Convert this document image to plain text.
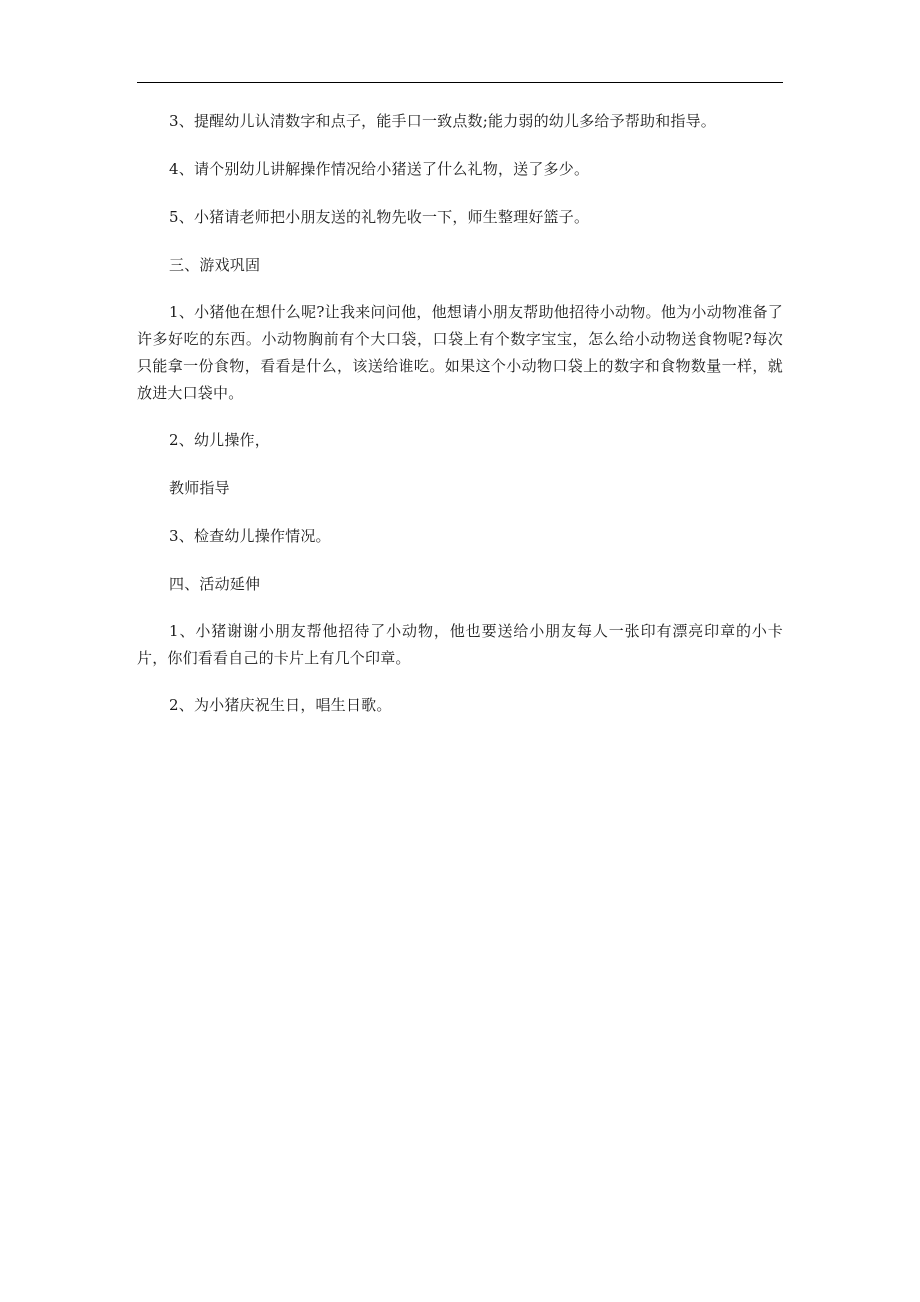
3、提醒幼儿认清数字和点子，能手口一致点数;能力弱的幼儿多给予帮助和指导。

4、请个别幼儿讲解操作情况给小猪送了什么礼物，送了多少。

5、小猪请老师把小朋友送的礼物先收一下，师生整理好篮子。

三、游戏巩固

1、小猪他在想什么呢?让我来问问他，他想请小朋友帮助他招待小动物。他为小动物准备了许多好吃的东西。小动物胸前有个大口袋，口袋上有个数字宝宝，怎么给小动物送食物呢?每次只能拿一份食物，看看是什么，该送给谁吃。如果这个小动物口袋上的数字和食物数量一样，就放进大口袋中。

2、幼儿操作，

教师指导

3、检查幼儿操作情况。

四、活动延伸

1、小猪谢谢小朋友帮他招待了小动物，他也要送给小朋友每人一张印有漂亮印章的小卡片，你们看看自己的卡片上有几个印章。

2、为小猪庆祝生日，唱生日歌。
